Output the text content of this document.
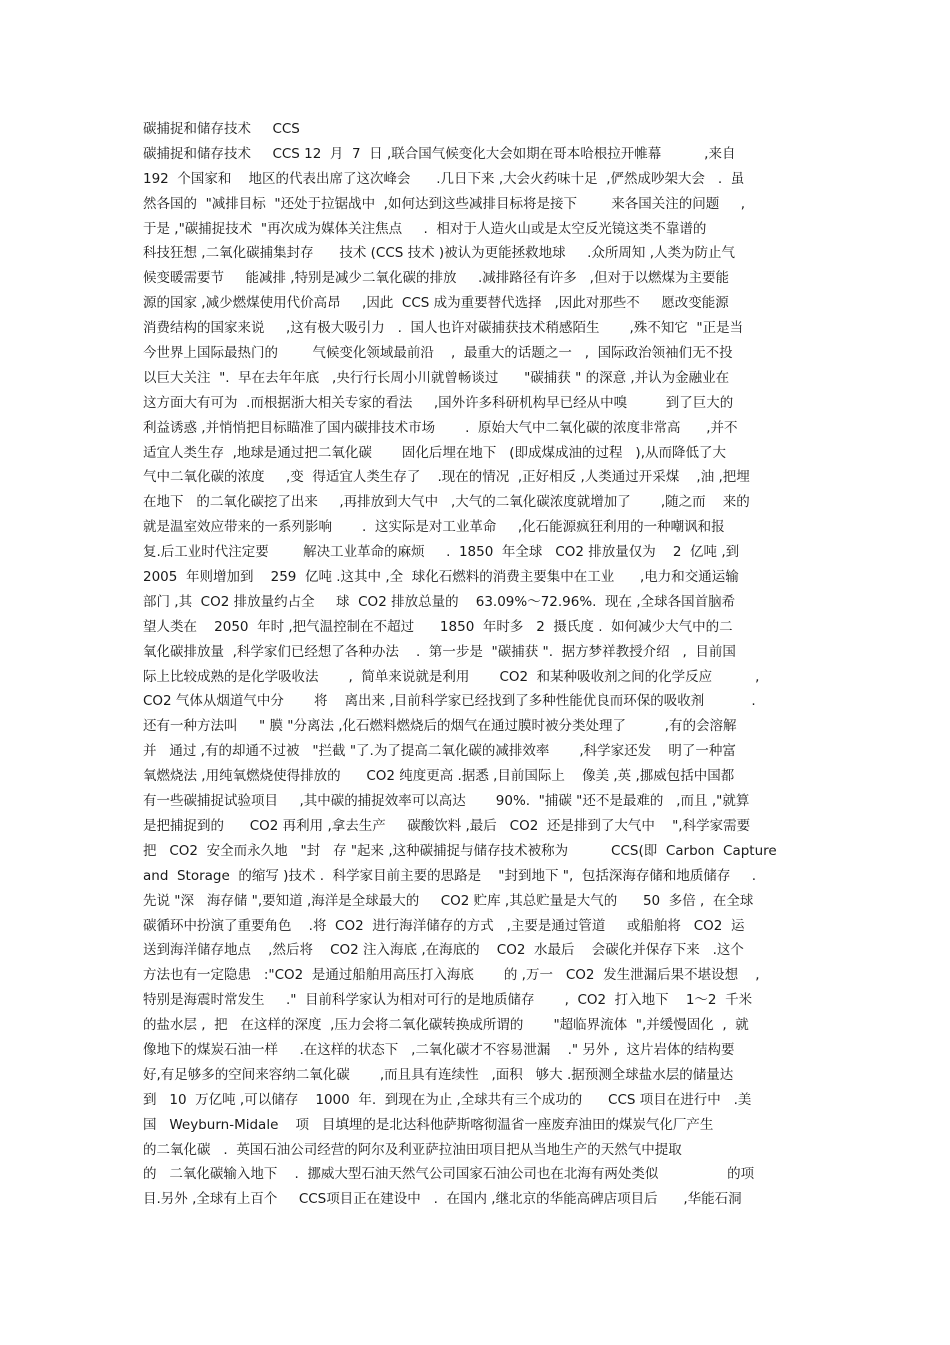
碳捕捉和储存技术     CCS
碳捕捉和储存技术     CCS 12  月  7  日 ,联合国气候变化大会如期在哥本哈根拉开帷幕          ,来自
192  个国家和    地区的代表出席了这次峰会      .几日下来 ,大会火药味十足  ,俨然成吵架大会   .  虽
然各国的  "减排目标  "还处于拉锯战中  ,如何达到这些减排目标将是接下        来各国关注的问题     ,
于是 ,"碳捕捉技术  "再次成为媒体关注焦点     .  相对于人造火山或是太空反光镜这类不靠谱的
科技狂想 ,二氧化碳捕集封存      技术 (CCS 技术 )被认为更能拯救地球     .众所周知 ,人类为防止气
候变暖需要节     能减排 ,特别是减少二氧化碳的排放     .减排路径有许多   ,但对于以燃煤为主要能
源的国家 ,减少燃煤使用代价高昂     ,因此  CCS 成为重要替代选择   ,因此对那些不     愿改变能源
消费结构的国家来说     ,这有极大吸引力   .  国人也许对碳捕获技术稍感陌生       ,殊不知它  "正是当
今世界上国际最热门的        气候变化领域最前沿    ,  最重大的话题之一   ,  国际政治领袖们无不投
以巨大关注  ".  早在去年年底   ,央行行长周小川就曾畅谈过      "碳捕获 " 的深意 ,并认为金融业在
这方面大有可为  .而根据浙大相关专家的看法     ,国外许多科研机构早已经从中嗅         到了巨大的
利益诱惑 ,并悄悄把目标瞄准了国内碳排技术市场       .  原始大气中二氧化碳的浓度非常高      ,并不
适宜人类生存  ,地球是通过把二氧化碳       固化后埋在地下   (即成煤成油的过程   ),从而降低了大
气中二氧化碳的浓度     ,变  得适宜人类生存了    .现在的情况  ,正好相反 ,人类通过开采煤    ,油 ,把埋
在地下   的二氧化碳挖了出来     ,再排放到大气中   ,大气的二氧化碳浓度就增加了       ,随之而    来的
就是温室效应带来的一系列影响       .  这实际是对工业革命     ,化石能源疯狂利用的一种嘲讽和报
复.后工业时代注定要        解决工业革命的麻烦     .  1850  年全球   CO2 排放量仅为    2  亿吨 ,到
2005  年则增加到    259  亿吨 .这其中 ,全  球化石燃料的消费主要集中在工业      ,电力和交通运输
部门 ,其  CO2 排放量约占全     球  CO2 排放总量的    63.09%～72.96%.  现在 ,全球各国首脑希
望人类在    2050  年时 ,把气温控制在不超过      1850  年时多   2  摄氏度 .  如何减少大气中的二
氧化碳排放量  ,科学家们已经想了各种办法    .  第一步是  "碳捕获 ".  据方梦祥教授介绍   ,  目前国
际上比较成熟的是化学吸收法       ,  简单来说就是利用       CO2  和某种吸收剂之间的化学反应          ,
CO2 气体从烟道气中分       将    离出来 ,目前科学家已经找到了多种性能优良而环保的吸收剂           .
还有一种方法叫     " 膜 "分离法 ,化石燃料燃烧后的烟气在通过膜时被分类处理了         ,有的会溶解
并   通过 ,有的却通不过被   "拦截 "了.为了提高二氧化碳的减排效率       ,科学家还发    明了一种富
氧燃烧法 ,用纯氧燃烧使得排放的      CO2 纯度更高 .据悉 ,目前国际上    像美 ,英 ,挪威包括中国都
有一些碳捕捉试验项目     ,其中碳的捕捉效率可以高达       90%.  "捕碳 "还不是最难的   ,而且 ,"就算
是把捕捉到的      CO2 再利用 ,拿去生产     碳酸饮料 ,最后   CO2  还是排到了大气中    ",科学家需要
把   CO2  安全而永久地   "封   存 "起来 ,这种碳捕捉与储存技术被称为          CCS(即  Carbon  Capture
and  Storage  的缩写 )技术 .  科学家目前主要的思路是    "封到地下 ",  包括深海存储和地质储存     .
先说 "深   海存储 ",要知道 ,海洋是全球最大的     CO2 贮库 ,其总贮量是大气的      50  多倍 ,  在全球
碳循环中扮演了重要角色    .将  CO2  进行海洋储存的方式   ,主要是通过管道     或船舶将   CO2  运
送到海洋储存地点    ,然后将    CO2 注入海底 ,在海底的    CO2  水最后    会碳化并保存下来   .这个
方法也有一定隐患   :"CO2  是通过船舶用高压打入海底       的 ,万一   CO2  发生泄漏后果不堪设想    ,
特别是海震时常发生     ."  目前科学家认为相对可行的是地质储存       ,  CO2  打入地下    1～2  千米
的盐水层 ,  把   在这样的深度  ,压力会将二氧化碳转换成所谓的       "超临界流体  ",并缓慢固化  ,  就
像地下的煤炭石油一样     .在这样的状态下   ,二氧化碳才不容易泄漏    ." 另外 ,  这片岩体的结构要
好,有足够多的空间来容纳二氧化碳       ,而且具有连续性   ,面积   够大 .据预测全球盐水层的储量达
到   10  万亿吨 ,可以储存    1000  年.  到现在为止 ,全球共有三个成功的      CCS 项目在进行中   .美
国   Weyburn-Midale    项   目填埋的是北达科他萨斯喀彻温省一座废弃油田的煤炭气化厂产生
的二氧化碳   .  英国石油公司经营的阿尔及利亚萨拉油田项目把从当地生产的天然气中提取
的   二氧化碳输入地下    .  挪威大型石油天然气公司国家石油公司也在北海有两处类似                的项
目.另外 ,全球有上百个     CCS项目正在建设中   .  在国内 ,继北京的华能高碑店项目后      ,华能石洞
